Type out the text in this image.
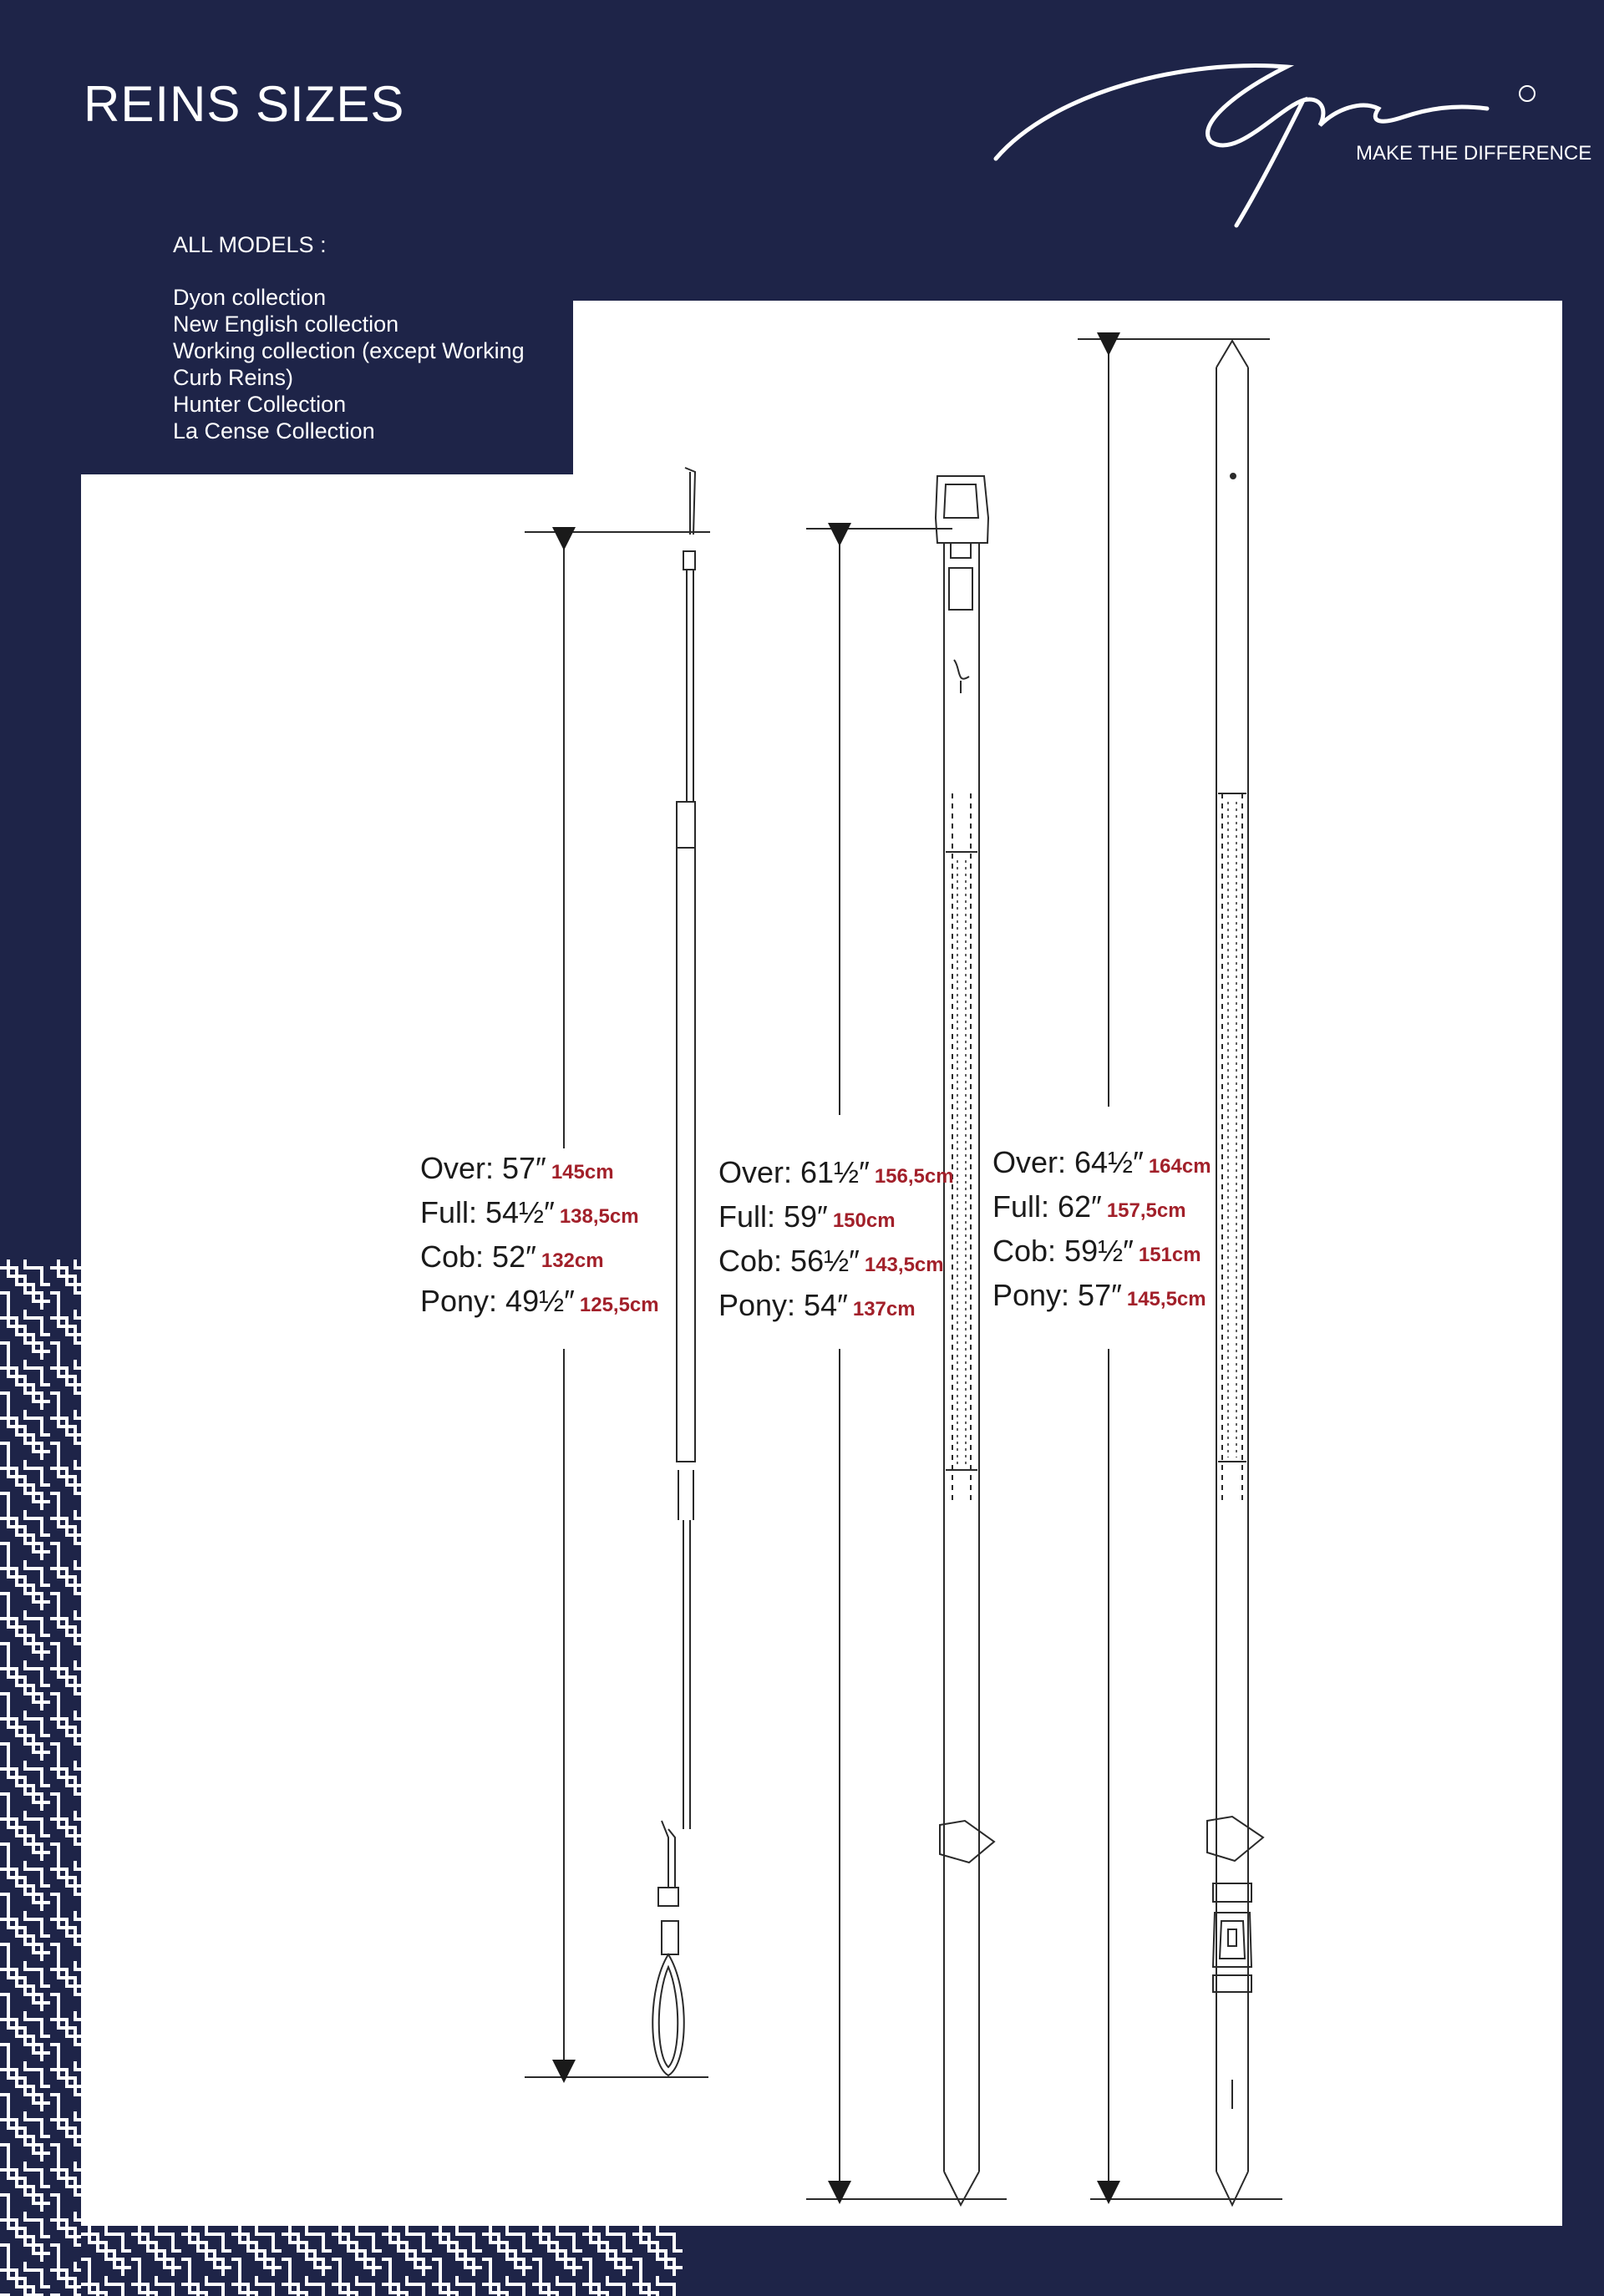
REINS SIZES
MAKE THE DIFFERENCE
ALL MODELS :
Dyon collection
New English collection
Working collection (except Working
Curb Reins)
Hunter Collection
La Cense Collection
Over: 57″ 145cm
Full: 54½″ 138,5cm
Cob: 52″ 132cm
Pony: 49½″ 125,5cm
Over: 61½″ 156,5cm
Full: 59″ 150cm
Cob: 56½″ 143,5cm
Pony: 54″ 137cm
Over: 64½″ 164cm
Full: 62″ 157,5cm
Cob: 59½″ 151cm
Pony: 57″ 145,5cm
